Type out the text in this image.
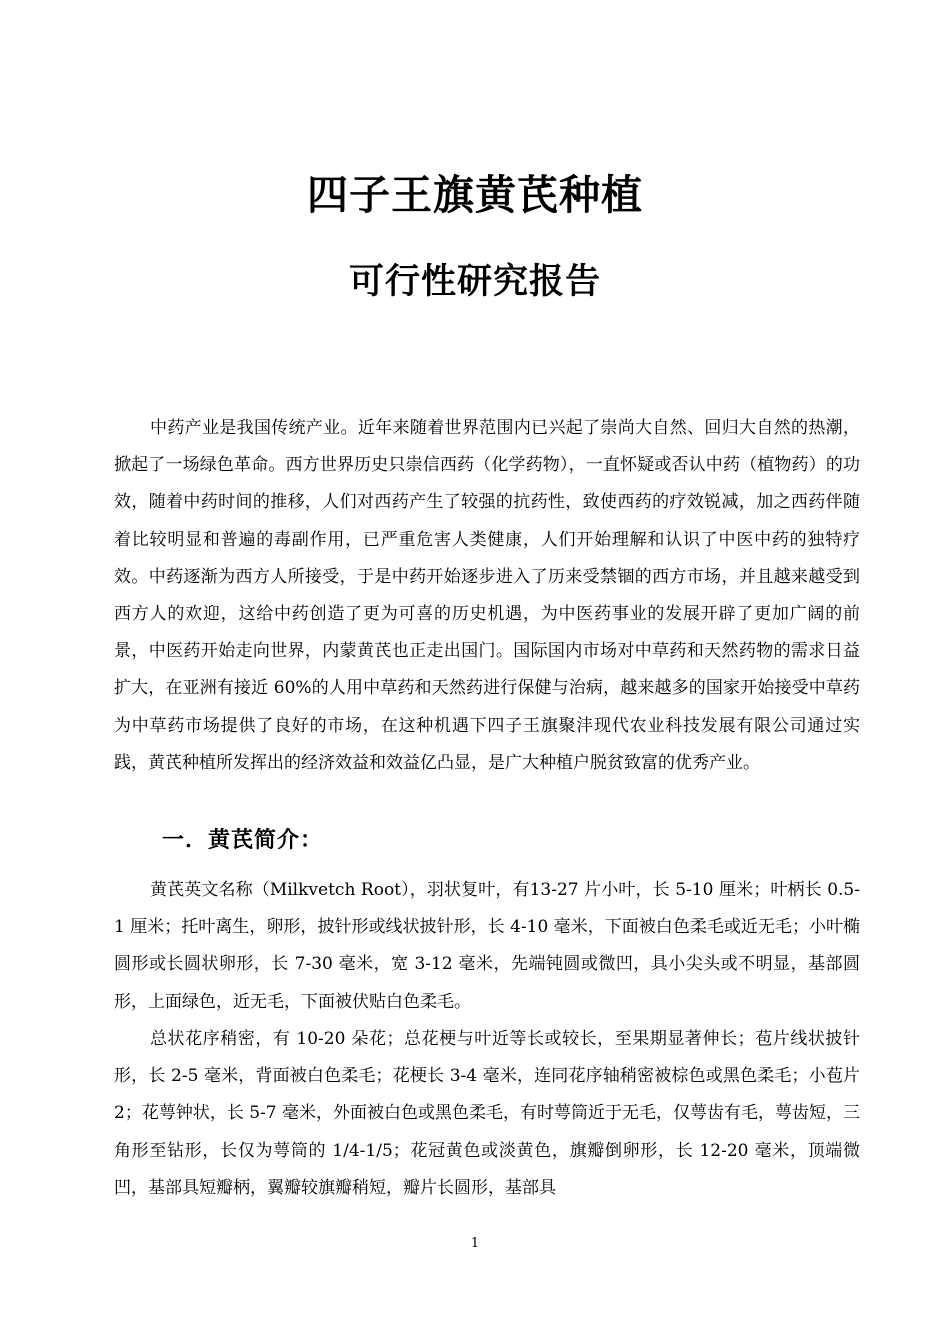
四子王旗黄芪种植
可行性研究报告

中药产业是我国传统产业。近年来随着世界范围内已兴起了崇尚大自然、回归大自然的热潮，掀起了一场绿色革命。西方世界历史只崇信西药（化学药物），一直怀疑或否认中药（植物药）的功效，随着中药时间的推移，人们对西药产生了较强的抗药性，致使西药的疗效锐减，加之西药伴随着比较明显和普遍的毒副作用，已严重危害人类健康，人们开始理解和认识了中医中药的独特疗效。中药逐渐为西方人所接受，于是中药开始逐步进入了历来受禁锢的西方市场，并且越来越受到西方人的欢迎，这给中药创造了更为可喜的历史机遇，为中医药事业的发展开辟了更加广阔的前景，中医药开始走向世界，内蒙黄芪也正走出国门。国际国内市场对中草药和天然药物的需求日益扩大，在亚洲有接近 60%的人用中草药和天然药进行保健与治病，越来越多的国家开始接受中草药为中草药市场提供了良好的市场，在这种机遇下四子王旗聚沣现代农业科技发展有限公司通过实践，黄芪种植所发挥出的经济效益和效益亿凸显，是广大种植户脱贫致富的优秀产业。

一．黄芪简介：

黄芪英文名称（Milkvetch Root），羽状复叶，有13-27 片小叶，长 5-10 厘米；叶柄长 0.5-1 厘米；托叶离生，卵形，披针形或线状披针形，长 4-10 毫米，下面被白色柔毛或近无毛；小叶椭圆形或长圆状卵形，长 7-30 毫米，宽 3-12 毫米，先端钝圆或微凹，具小尖头或不明显，基部圆形，上面绿色，近无毛，下面被伏贴白色柔毛。

总状花序稍密，有 10-20 朵花；总花梗与叶近等长或较长，至果期显著伸长；苞片线状披针形，长 2-5 毫米，背面被白色柔毛；花梗长 3-4 毫米，连同花序轴稍密被棕色或黑色柔毛；小苞片 2；花萼钟状，长 5-7 毫米，外面被白色或黑色柔毛，有时萼筒近于无毛，仅萼齿有毛，萼齿短，三角形至钻形，长仅为萼筒的 1/4-1/5；花冠黄色或淡黄色，旗瓣倒卵形，长 12-20 毫米，顶端微凹，基部具短瓣柄，翼瓣较旗瓣稍短，瓣片长圆形，基部具

1
